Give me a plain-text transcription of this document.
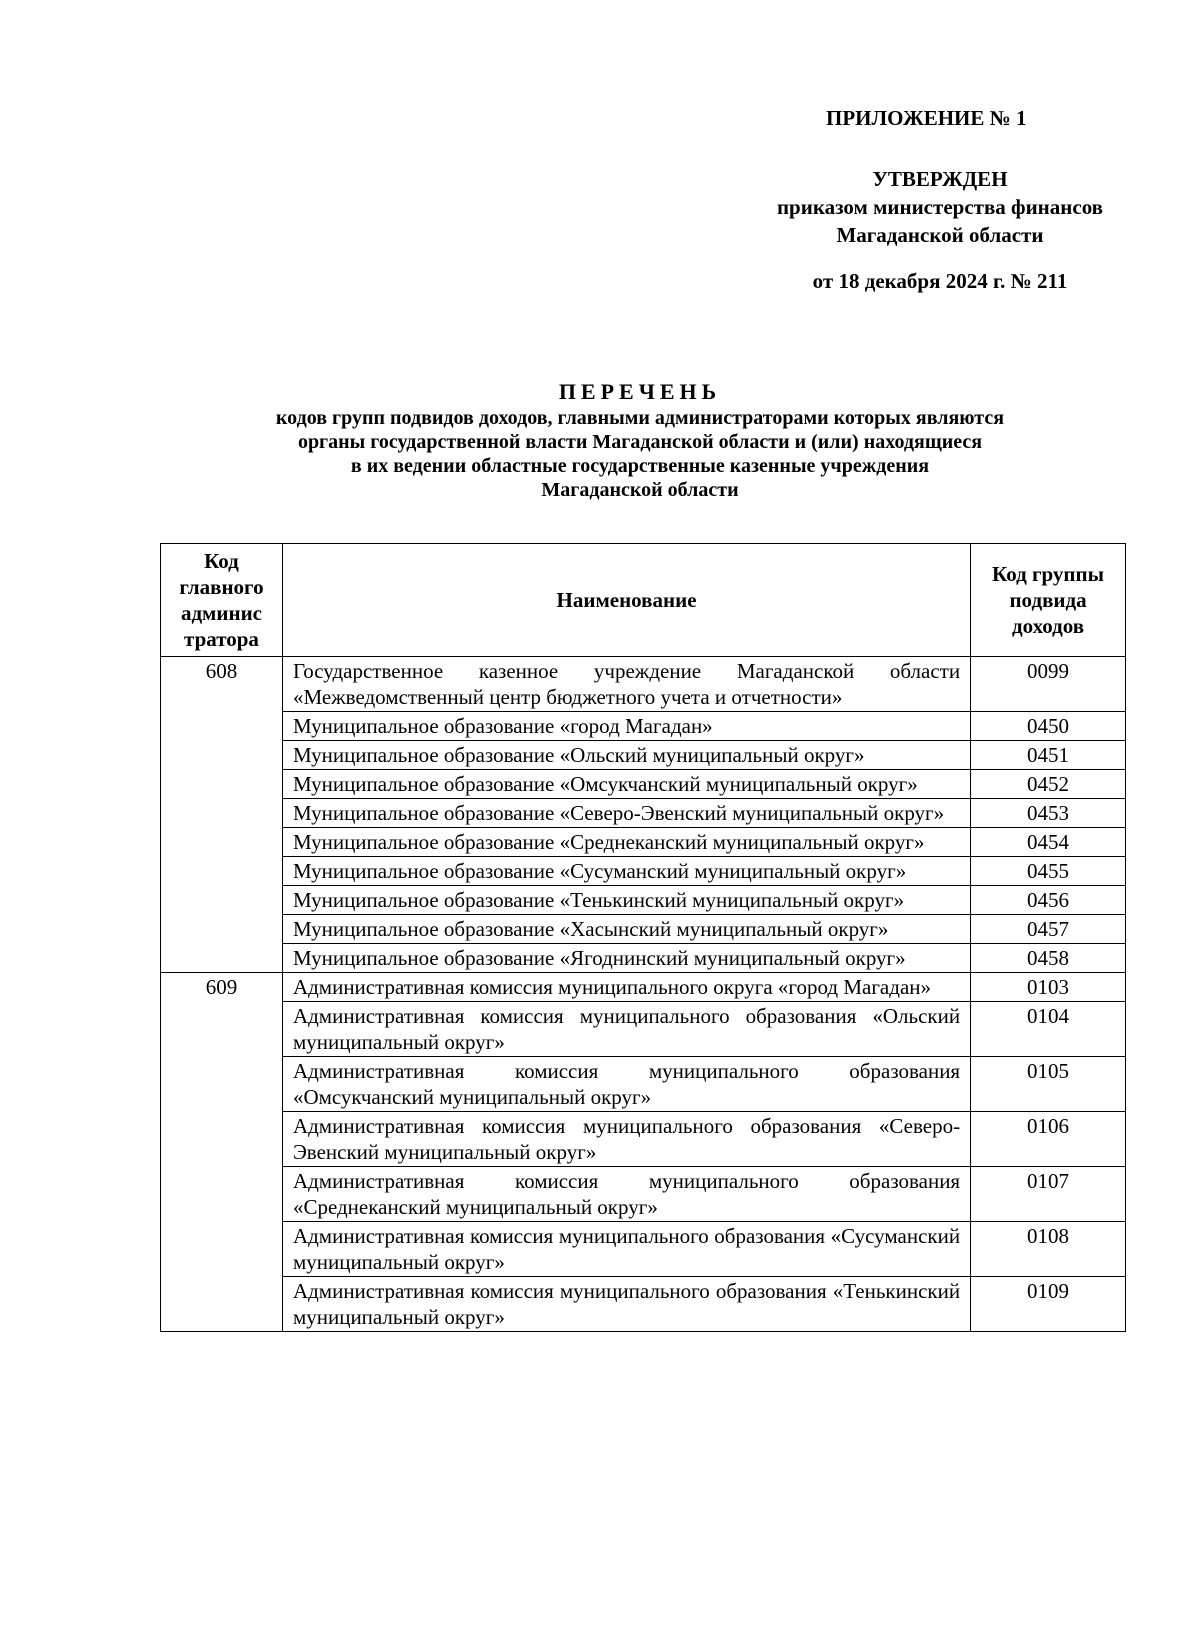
ПРИЛОЖЕНИЕ № 1
УТВЕРЖДЕН
приказом министерства финансов
Магаданской области
от 18 декабря 2024 г. № 211
ПЕРЕЧЕНЬ
кодов групп подвидов доходов, главными администраторами которых являются
органы государственной власти Магаданской области и (или) находящиеся
в их ведении областные государственные казенные учреждения
Магаданской области
Код главного админис тратора	Наименование	Код группы подвида доходов
608	Государственное казенное учреждение Магаданской области «Межведомственный центр бюджетного учета и отчетности»	0099
	Муниципальное образование «город Магадан»	0450
	Муниципальное образование «Ольский муниципальный округ»	0451
	Муниципальное образование «Омсукчанский муниципальный округ»	0452
	Муниципальное образование «Северо-Эвенский муниципальный округ»	0453
	Муниципальное образование «Среднеканский муниципальный округ»	0454
	Муниципальное образование «Сусуманский муниципальный округ»	0455
	Муниципальное образование «Тенькинский муниципальный округ»	0456
	Муниципальное образование «Хасынский муниципальный округ»	0457
	Муниципальное образование «Ягоднинский муниципальный округ»	0458
609	Административная комиссия муниципального округа «город Магадан»	0103
	Административная комиссия муниципального образования «Ольский муниципальный округ»	0104
	Административная комиссия муниципального образования «Омсукчанский муниципальный округ»	0105
	Административная комиссия муниципального образования «Северо-Эвенский муниципальный округ»	0106
	Административная комиссия муниципального образования «Среднеканский муниципальный округ»	0107
	Административная комиссия муниципального образования «Сусуманский муниципальный округ»	0108
	Административная комиссия муниципального образования «Тенькинский муниципальный округ»	0109
